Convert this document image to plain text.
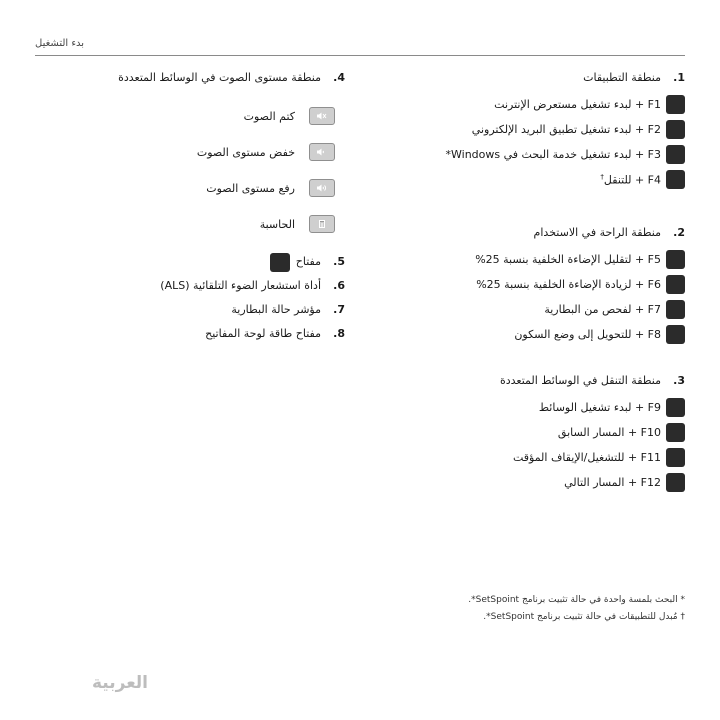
بدء التشغيل
1.
منطقة التطبيقات
F1 + لبدء تشغيل مستعرض الإنترنت
F2 + لبدء تشغيل تطبيق البريد الإلكتروني
F3 + لبدء تشغيل خدمة البحث في Windows*
F4 + للتنقل†
2.
منطقة الراحة في الاستخدام
F5 + لتقليل الإضاءة الخلفية بنسبة 25%
F6 + لزيادة الإضاءة الخلفية بنسبة 25%
F7 + لفحص من البطارية
F8 + للتحويل إلى وضع السكون
3.
منطقة التنقل في الوسائط المتعددة
F9 + لبدء تشغيل الوسائط
F10 + المسار السابق
F11 + للتشغيل/الإيقاف المؤقت
F12 + المسار التالي
4.
منطقة مستوى الصوت في الوسائط المتعددة
كتم الصوت
خفض مستوى الصوت
رفع مستوى الصوت
الحاسبة
5.
مفتاح
6.
أداة استشعار الضوء التلقائية (ALS)
7.
مؤشر حالة البطارية
8.
مفتاح طاقة لوحة المفاتيح
* البحث بلمسة واحدة في حالة تثبيت برنامج SetSpoint*.
† مُبدل للتطبيقات في حالة تثبيت برنامج SetSpoint*.
العربية
